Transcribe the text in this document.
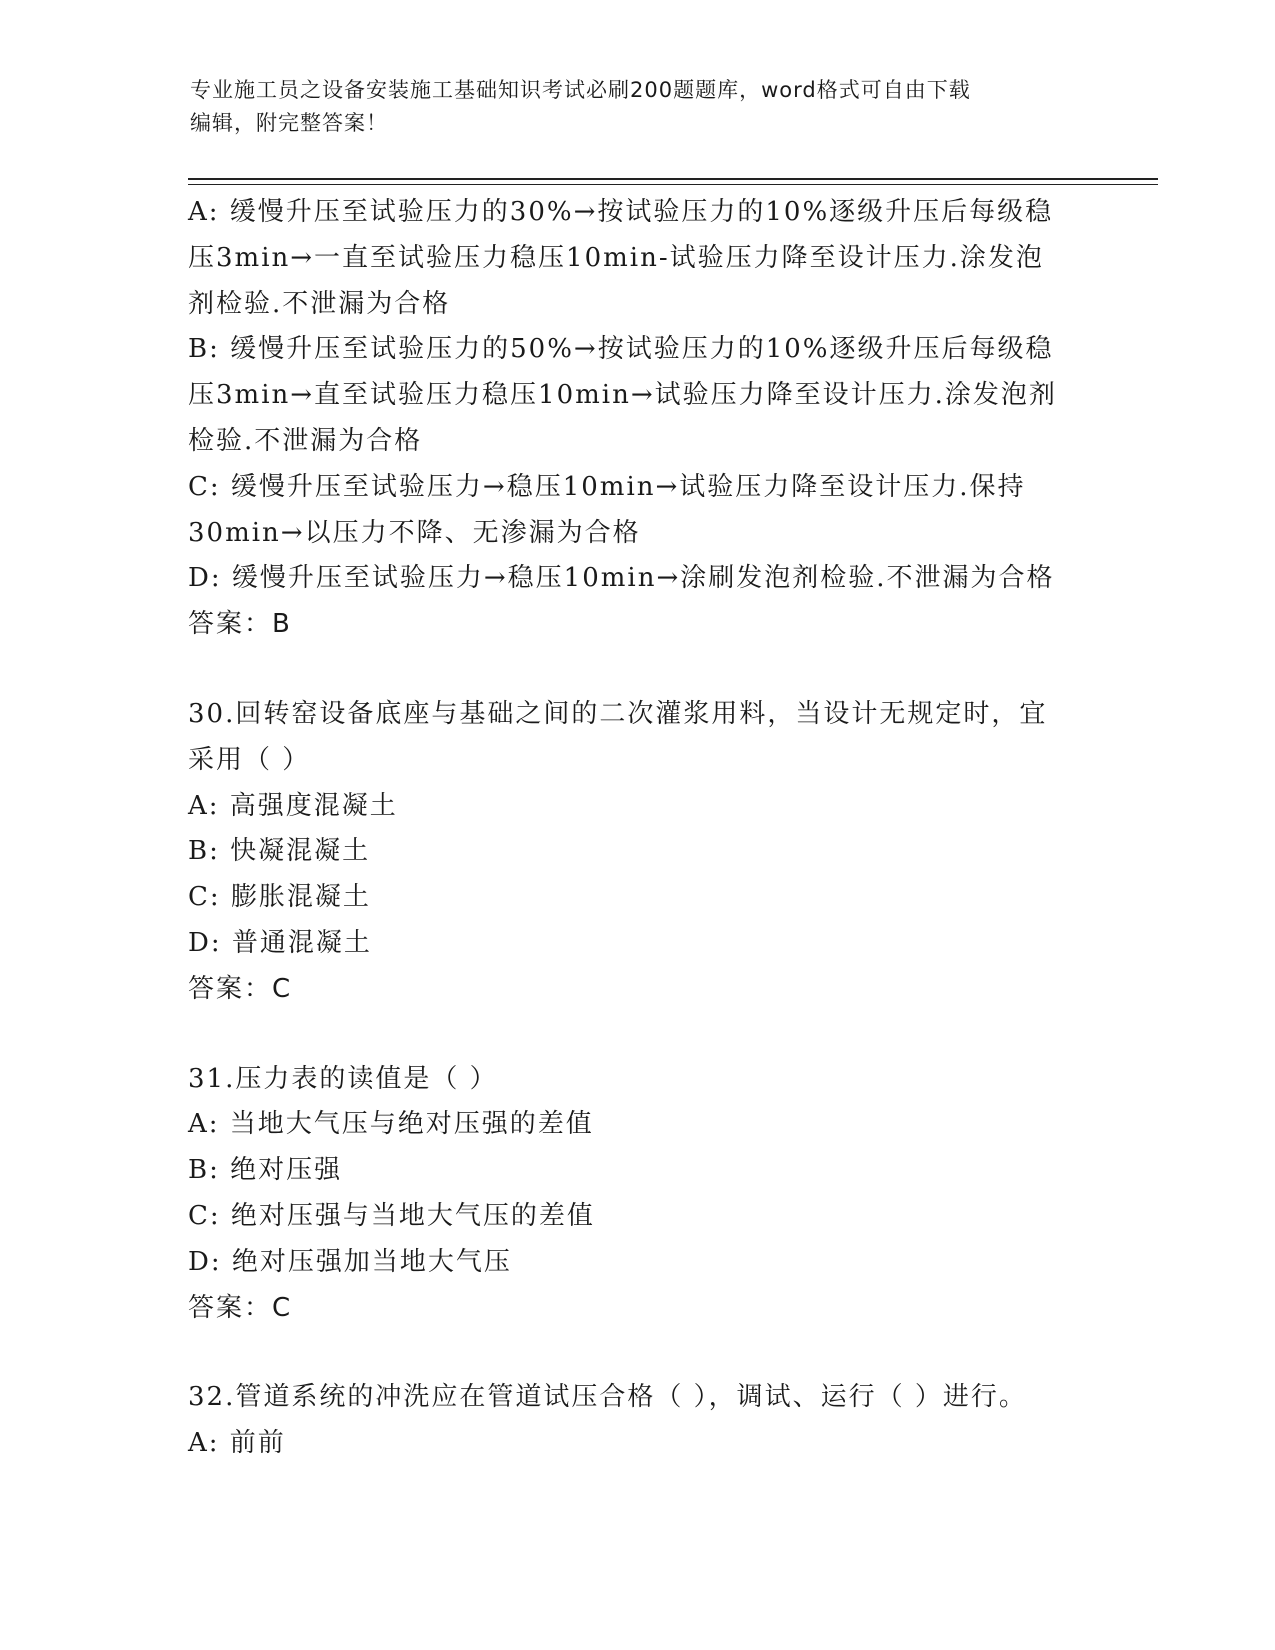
专业施工员之设备安装施工基础知识考试必刷200题题库，word格式可自由下载
编辑，附完整答案！
A: 缓慢升压至试验压力的30%→按试验压力的10%逐级升压后每级稳
压3min→一直至试验压力稳压10min-试验压力降至设计压力.涂发泡
剂检验.不泄漏为合格
B: 缓慢升压至试验压力的50%→按试验压力的10%逐级升压后每级稳
压3min→直至试验压力稳压10min→试验压力降至设计压力.涂发泡剂
检验.不泄漏为合格
C: 缓慢升压至试验压力→稳压10min→试验压力降至设计压力.保持
30min→以压力不降、无渗漏为合格
D: 缓慢升压至试验压力→稳压10min→涂刷发泡剂检验.不泄漏为合格
答案：B
30.回转窑设备底座与基础之间的二次灌浆用料，当设计无规定时，宜
采用（ ）
A: 高强度混凝土
B: 快凝混凝土
C: 膨胀混凝土
D: 普通混凝土
答案：C
31.压力表的读值是（ ）
A: 当地大气压与绝对压强的差值
B: 绝对压强
C: 绝对压强与当地大气压的差值
D: 绝对压强加当地大气压
答案：C
32.管道系统的冲洗应在管道试压合格（ ），调试、运行（ ）进行。
A: 前前
